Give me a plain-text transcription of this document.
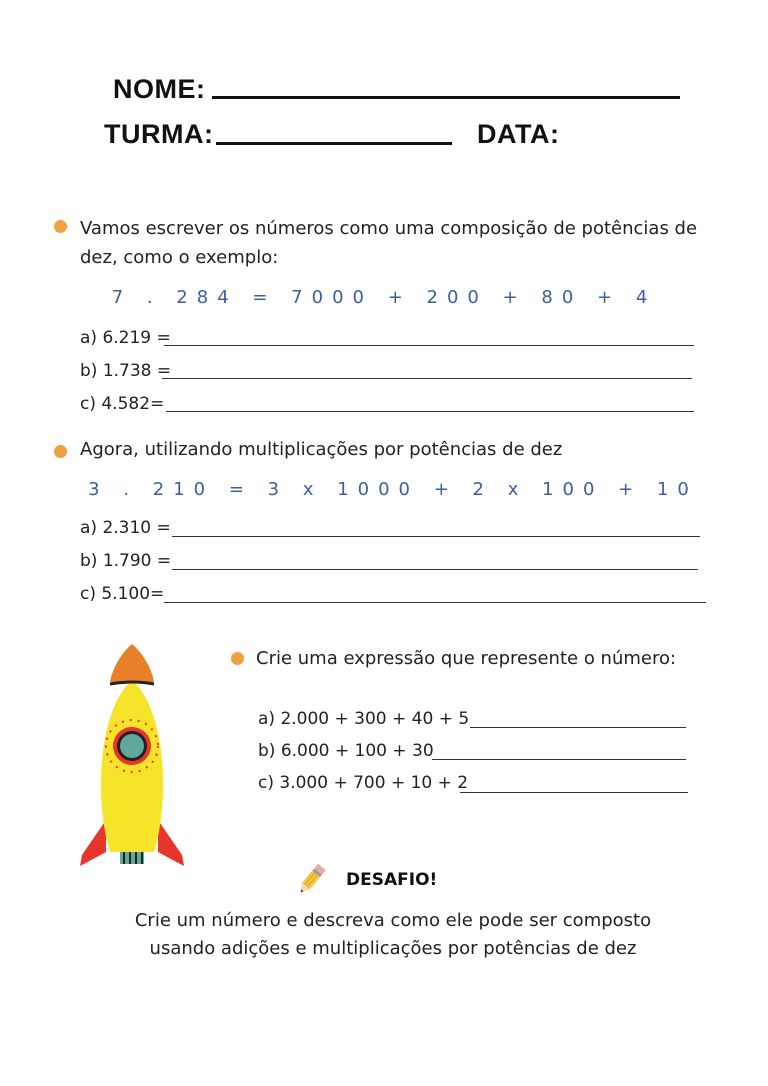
NOME:
TURMA:	DATA:
Vamos escrever os números como uma composição de potências de
dez, como o exemplo:
7 . 284 = 7000 + 200 + 80 + 4
a) 6.219 =
b) 1.738 =
c) 4.582=
Agora, utilizando multiplicações por potências de dez
3 . 210 = 3 x 1000 + 2 x 100 + 10
a) 2.310 =
b) 1.790 =
c) 5.100=
Crie uma expressão que represente o número:
a) 2.000 + 300 + 40 + 5
b) 6.000 + 100 + 30
c) 3.000 + 700 + 10 + 2
DESAFIO!
Crie um número e descreva como ele pode ser composto
usando adições e multiplicações por potências de dez
